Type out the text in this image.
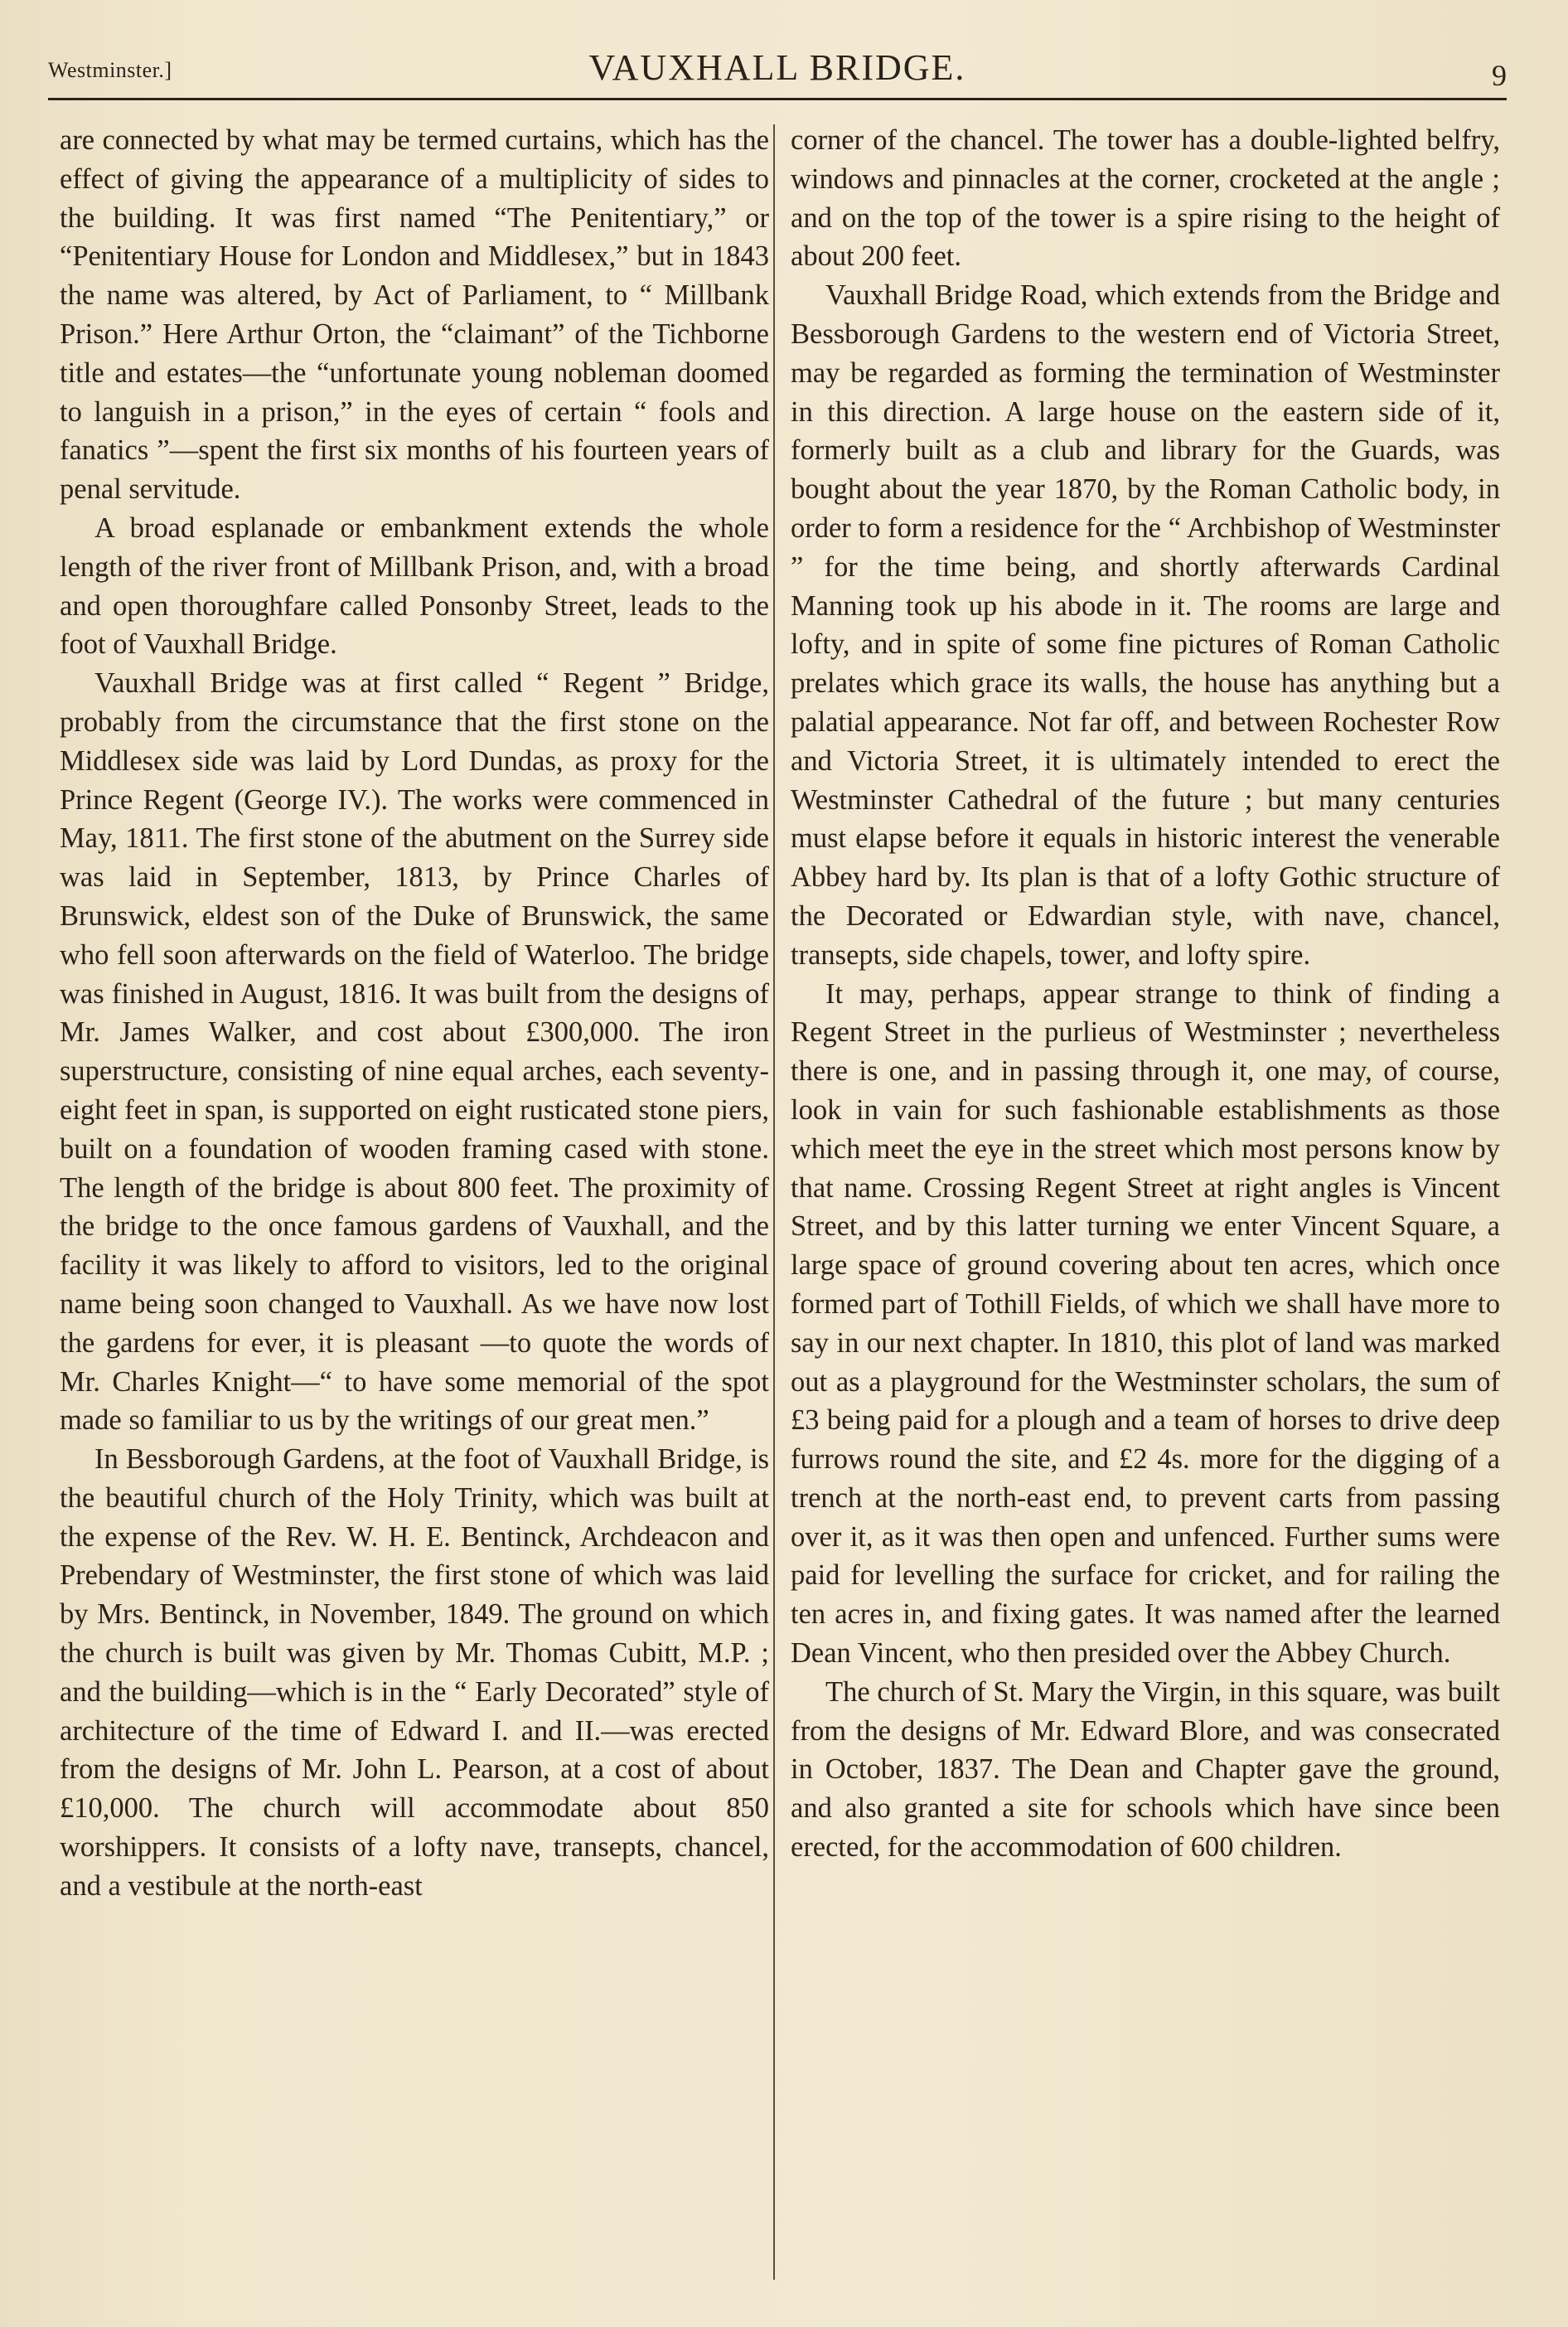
Westminster.]	VAUXHALL BRIDGE.	9

are connected by what may be termed curtains, which has the effect of giving the appearance of a multiplicity of sides to the building. It was first named “The Penitentiary,” or “Penitentiary House for London and Middlesex,” but in 1843 the name was altered, by Act of Parliament, to “ Millbank Prison.” Here Arthur Orton, the “claimant” of the Tichborne title and estates—the “unfortunate young nobleman doomed to languish in a prison,” in the eyes of certain “ fools and fanatics ”—spent the first six months of his fourteen years of penal servitude.

A broad esplanade or embankment extends the whole length of the river front of Millbank Prison, and, with a broad and open thoroughfare called Ponsonby Street, leads to the foot of Vauxhall Bridge.

Vauxhall Bridge was at first called “ Regent ” Bridge, probably from the circumstance that the first stone on the Middlesex side was laid by Lord Dundas, as proxy for the Prince Regent (George IV.). The works were commenced in May, 1811. The first stone of the abutment on the Surrey side was laid in September, 1813, by Prince Charles of Brunswick, eldest son of the Duke of Brunswick, the same who fell soon afterwards on the field of Waterloo. The bridge was finished in August, 1816. It was built from the designs of Mr. James Walker, and cost about £300,000. The iron superstructure, consisting of nine equal arches, each seventy-eight feet in span, is supported on eight rusticated stone piers, built on a foundation of wooden framing cased with stone. The length of the bridge is about 800 feet. The proximity of the bridge to the once famous gardens of Vauxhall, and the facility it was likely to afford to visitors, led to the original name being soon changed to Vauxhall. As we have now lost the gardens for ever, it is pleasant —to quote the words of Mr. Charles Knight—“ to have some memorial of the spot made so familiar to us by the writings of our great men.”

In Bessborough Gardens, at the foot of Vauxhall Bridge, is the beautiful church of the Holy Trinity, which was built at the expense of the Rev. W. H. E. Bentinck, Archdeacon and Prebendary of Westminster, the first stone of which was laid by Mrs. Bentinck, in November, 1849. The ground on which the church is built was given by Mr. Thomas Cubitt, M.P. ; and the building—which is in the “ Early Decorated” style of architecture of the time of Edward I. and II.—was erected from the designs of Mr. John L. Pearson, at a cost of about £10,000. The church will accommodate about 850 worshippers. It consists of a lofty nave, transepts, chancel, and a vestibule at the north-east

corner of the chancel. The tower has a double-lighted belfry, windows and pinnacles at the corner, crocketed at the angle ; and on the top of the tower is a spire rising to the height of about 200 feet.

Vauxhall Bridge Road, which extends from the Bridge and Bessborough Gardens to the western end of Victoria Street, may be regarded as forming the termination of Westminster in this direction. A large house on the eastern side of it, formerly built as a club and library for the Guards, was bought about the year 1870, by the Roman Catholic body, in order to form a residence for the “ Archbishop of Westminster ” for the time being, and shortly afterwards Cardinal Manning took up his abode in it. The rooms are large and lofty, and in spite of some fine pictures of Roman Catholic prelates which grace its walls, the house has anything but a palatial appearance. Not far off, and between Rochester Row and Victoria Street, it is ultimately intended to erect the Westminster Cathedral of the future ; but many centuries must elapse before it equals in historic interest the venerable Abbey hard by. Its plan is that of a lofty Gothic structure of the Decorated or Edwardian style, with nave, chancel, transepts, side chapels, tower, and lofty spire.

It may, perhaps, appear strange to think of finding a Regent Street in the purlieus of Westminster ; nevertheless there is one, and in passing through it, one may, of course, look in vain for such fashionable establishments as those which meet the eye in the street which most persons know by that name. Crossing Regent Street at right angles is Vincent Street, and by this latter turning we enter Vincent Square, a large space of ground covering about ten acres, which once formed part of Tothill Fields, of which we shall have more to say in our next chapter. In 1810, this plot of land was marked out as a playground for the Westminster scholars, the sum of £3 being paid for a plough and a team of horses to drive deep furrows round the site, and £2 4s. more for the digging of a trench at the north-east end, to prevent carts from passing over it, as it was then open and unfenced. Further sums were paid for levelling the surface for cricket, and for railing the ten acres in, and fixing gates. It was named after the learned Dean Vincent, who then presided over the Abbey Church.

The church of St. Mary the Virgin, in this square, was built from the designs of Mr. Edward Blore, and was consecrated in October, 1837. The Dean and Chapter gave the ground, and also granted a site for schools which have since been erected, for the accommodation of 600 children.
